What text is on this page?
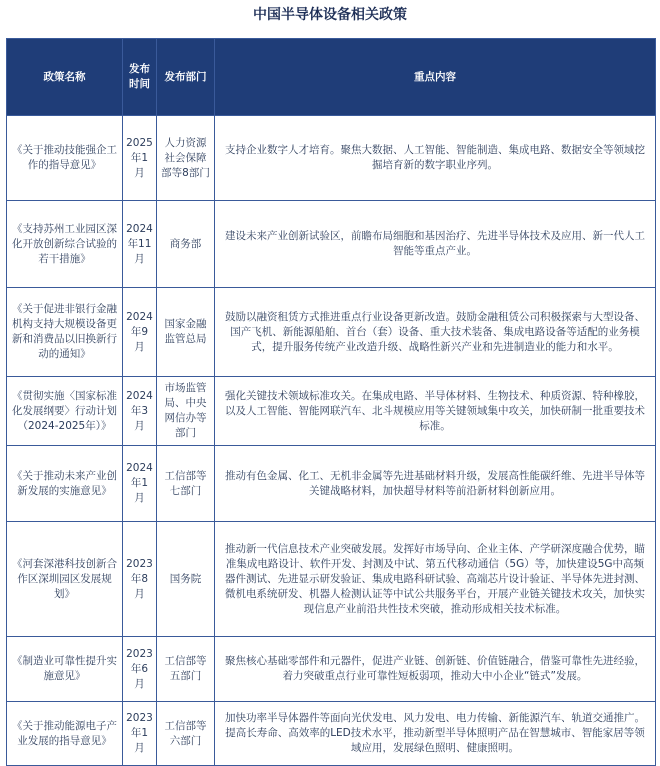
中国半导体设备相关政策
政策名称	发布时间	发布部门	重点内容
《关于推动技能强企工作的指导意见》	2025年1月	人力资源社会保障部等8部门	支持企业数字人才培育。聚焦大数据、人工智能、智能制造、集成电路、数据安全等领域挖掘培育新的数字职业序列。
《支持苏州工业园区深化开放创新综合试验的若干措施》	2024年11月	商务部	建设未来产业创新试验区，前瞻布局细胞和基因治疗、先进半导体技术及应用、新一代人工智能等重点产业。
《关于促进非银行金融机构支持大规模设备更新和消费品以旧换新行动的通知》	2024年9月	国家金融监管总局	鼓励以融资租赁方式推进重点行业设备更新改造。鼓励金融租赁公司积极探索与大型设备、国产飞机、新能源船舶、首台（套）设备、重大技术装备、集成电路设备等适配的业务模式，提升服务传统产业改造升级、战略性新兴产业和先进制造业的能力和水平。
《贯彻实施〈国家标准化发展纲要〉行动计划（2024-2025年）》	2024年3月	市场监管局、中央网信办等部门	强化关键技术领域标准攻关。在集成电路、半导体材料、生物技术、种质资源、特种橡胶，以及人工智能、智能网联汽车、北斗规模应用等关键领域集中攻关，加快研制一批重要技术标准。
《关于推动未来产业创新发展的实施意见》	2024年1月	工信部等七部门	推动有色金属、化工、无机非金属等先进基础材料升级，发展高性能碳纤维、先进半导体等关键战略材料，加快超导材料等前沿新材料创新应用。
《河套深港科技创新合作区深圳园区发展规划》	2023年8月	国务院	推动新一代信息技术产业突破发展。发挥好市场导向、企业主体、产学研深度融合优势，瞄准集成电路设计、软件开发、封测及中试、第五代移动通信（5G）等，加快建设5G中高频器件测试、先进显示研发验证、集成电路科研试验、高端芯片设计验证、半导体先进封测、微机电系统研发、机器人检测认证等中试公共服务平台，开展产业链关键技术攻关，加快实现信息产业前沿共性技术突破，推动形成相关技术标准。
《制造业可靠性提升实施意见》	2023年6月	工信部等五部门	聚焦核心基础零部件和元器件，促进产业链、创新链、价值链融合，借鉴可靠性先进经验，着力突破重点行业可靠性短板弱项，推动大中小企业“链式”发展。
《关于推动能源电子产业发展的指导意见》	2023年1月	工信部等六部门	加快功率半导体器件等面向光伏发电、风力发电、电力传输、新能源汽车、轨道交通推广。提高长寿命、高效率的LED技术水平，推动新型半导体照明产品在智慧城市、智能家居等领域应用，发展绿色照明、健康照明。
